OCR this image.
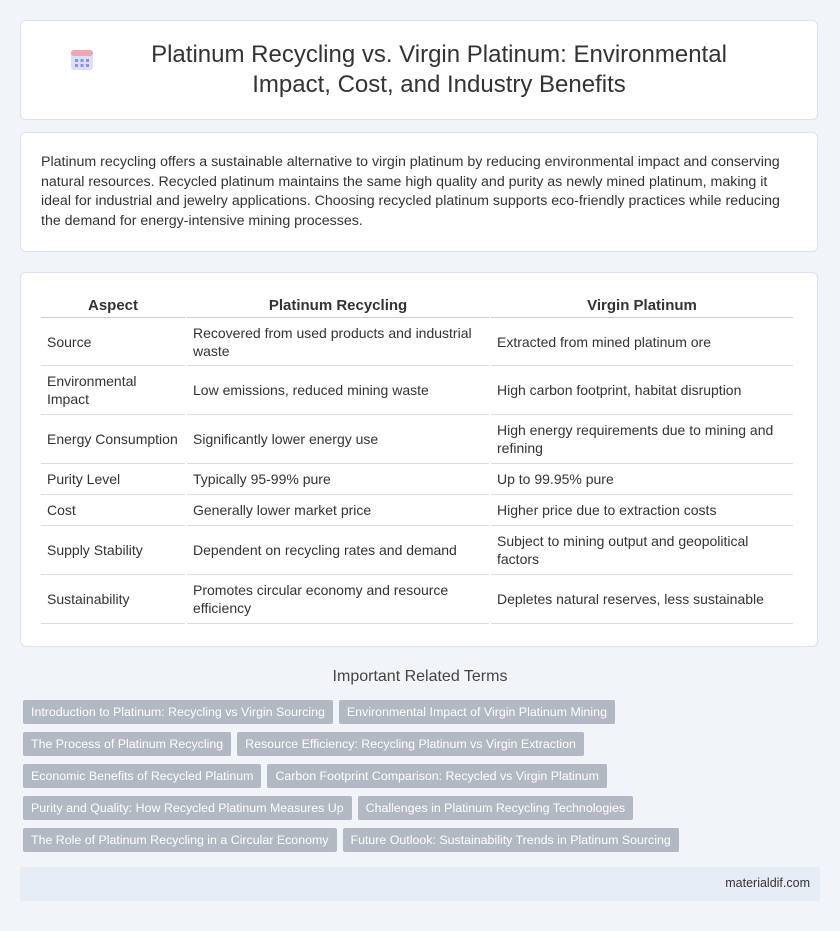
Platinum Recycling vs. Virgin Platinum: Environmental Impact, Cost, and Industry Benefits

Platinum recycling offers a sustainable alternative to virgin platinum by reducing environmental impact and conserving natural resources. Recycled platinum maintains the same high quality and purity as newly mined platinum, making it ideal for industrial and jewelry applications. Choosing recycled platinum supports eco-friendly practices while reducing the demand for energy-intensive mining processes.

Aspect	Platinum Recycling	Virgin Platinum
Source	Recovered from used products and industrial waste	Extracted from mined platinum ore
Environmental Impact	Low emissions, reduced mining waste	High carbon footprint, habitat disruption
Energy Consumption	Significantly lower energy use	High energy requirements due to mining and refining
Purity Level	Typically 95-99% pure	Up to 99.95% pure
Cost	Generally lower market price	Higher price due to extraction costs
Supply Stability	Dependent on recycling rates and demand	Subject to mining output and geopolitical factors
Sustainability	Promotes circular economy and resource efficiency	Depletes natural reserves, less sustainable
Important Related Terms
Introduction to Platinum: Recycling vs Virgin Sourcing	Environmental Impact of Virgin Platinum Mining
The Process of Platinum Recycling	Resource Efficiency: Recycling Platinum vs Virgin Extraction
Economic Benefits of Recycled Platinum	Carbon Footprint Comparison: Recycled vs Virgin Platinum
Purity and Quality: How Recycled Platinum Measures Up	Challenges in Platinum Recycling Technologies
The Role of Platinum Recycling in a Circular Economy	Future Outlook: Sustainability Trends in Platinum Sourcing
materialdif.com
